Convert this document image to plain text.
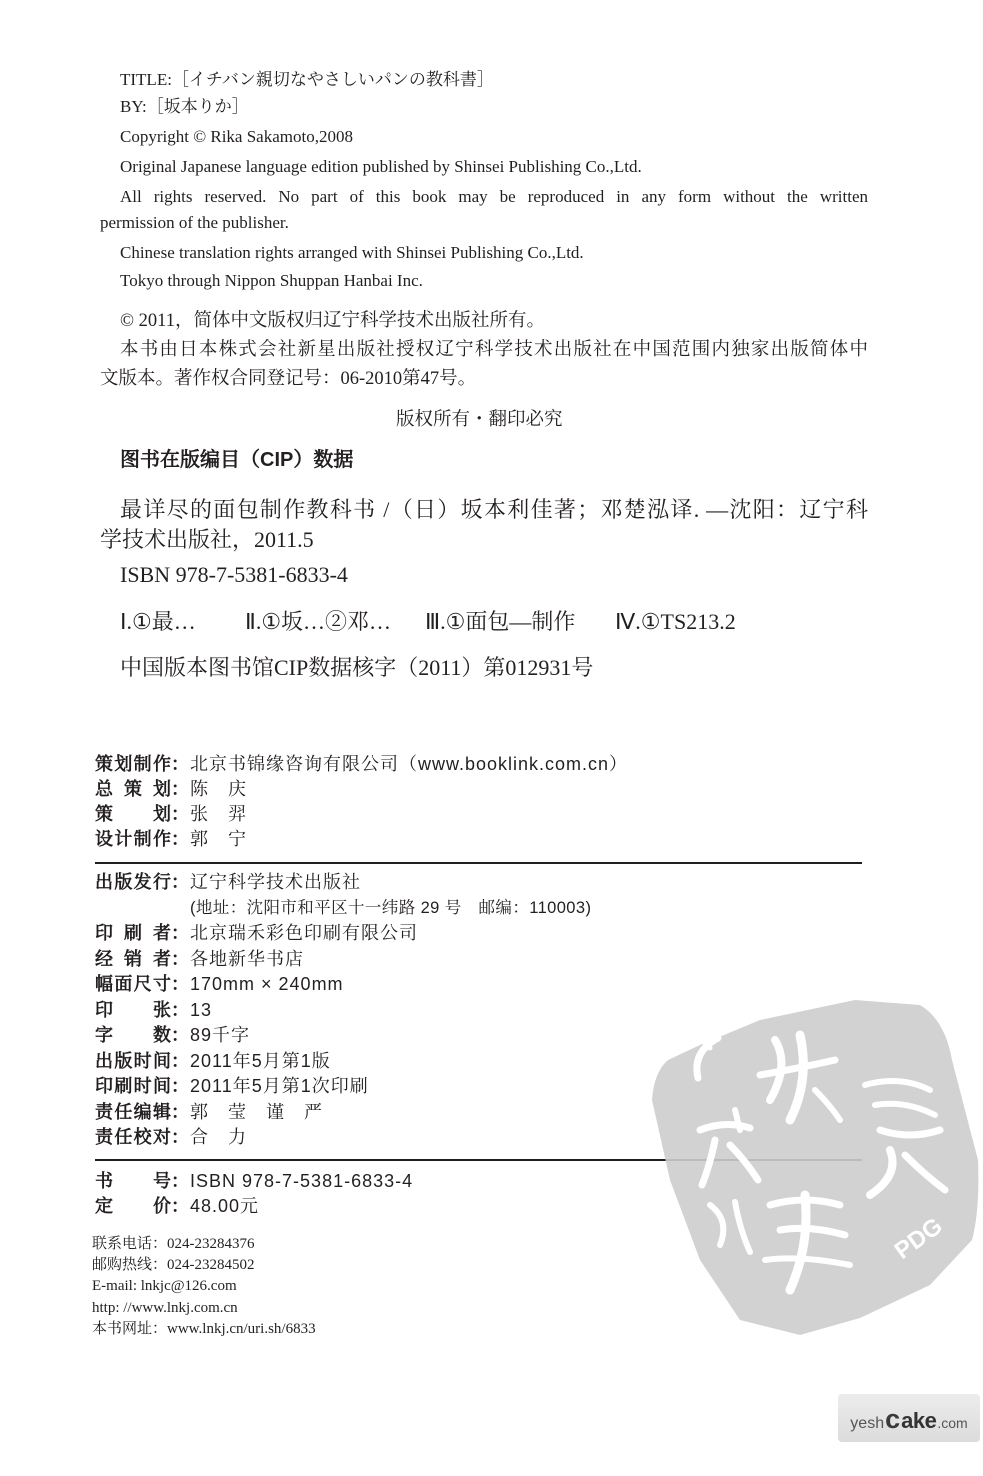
TITLE:［イチバン親切なやさしいパンの教科書］
BY:［坂本りか］
Copyright © Rika Sakamoto,2008
Original Japanese language edition published by Shinsei Publishing Co.,Ltd.
All rights reserved. No part of this book may be reproduced in any form without the written
permission of the publisher.
Chinese translation rights arranged with Shinsei Publishing Co.,Ltd.
Tokyo through Nippon Shuppan Hanbai Inc.
© 2011，简体中文版权归辽宁科学技术出版社所有。
本书由日本株式会社新星出版社授权辽宁科学技术出版社在中国范围内独家出版简体中
文版本。著作权合同登记号：06-2010第47号。
版权所有・翻印必究
图书在版编目（CIP）数据
最详尽的面包制作教科书 /（日）坂本利佳著；邓楚泓译. —沈阳：辽宁科
学技术出版社，2011.5
ISBN 978-7-5381-6833-4
Ⅰ.①最… Ⅱ.①坂…②邓… Ⅲ.①面包—制作 Ⅳ.①TS213.2
中国版本图书馆CIP数据核字（2011）第012931号
策划制作 ： 北京书锦缘咨询有限公司（www.booklink.com.cn）
总 策 划 ： 陈　庆
策　　划 ： 张　羿
设计制作 ： 郭　宁
出版发行 ： 辽宁科学技术出版社
(地址：沈阳市和平区十一纬路 29 号　邮编：110003)
印 刷 者 ： 北京瑞禾彩色印刷有限公司
经 销 者 ： 各地新华书店
幅面尺寸 ： 170mm × 240mm
印　　张 ： 13
字　　数 ： 89千字
出版时间 ： 2011年5月第1版
印刷时间 ： 2011年5月第1次印刷
责任编辑 ： 郭　莹　谨　严
责任校对 ： 合　力
书　　号 ： ISBN 978-7-5381-6833-4
定　　价 ： 48.00元
联系电话：024-23284376
邮购热线：024-23284502
E-mail: lnkjc@126.com
http: //www.lnkj.com.cn
本书网址：www.lnkj.cn/uri.sh/6833
PDG
yesh c ake .com
